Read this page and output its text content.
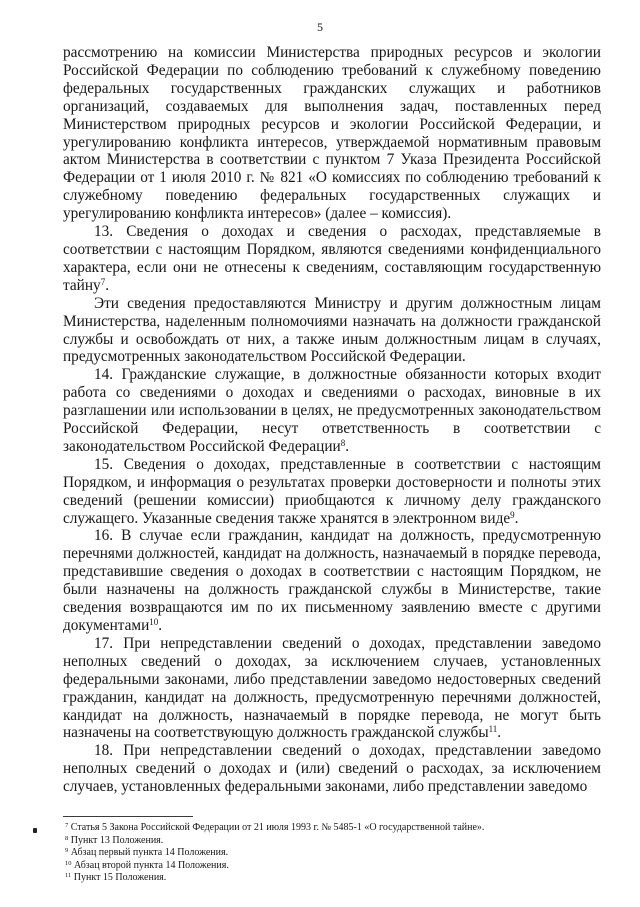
5

рассмотрению на комиссии Министерства природных ресурсов и экологии Российской Федерации по соблюдению требований к служебному поведению федеральных государственных гражданских служащих и работников организаций, создаваемых для выполнения задач, поставленных перед Министерством природных ресурсов и экологии Российской Федерации, и урегулированию конфликта интересов, утверждаемой нормативным правовым актом Министерства в соответствии с пунктом 7 Указа Президента Российской Федерации от 1 июля 2010 г. № 821 «О комиссиях по соблюдению требований к служебному поведению федеральных государственных служащих и урегулированию конфликта интересов» (далее – комиссия).

13. Сведения о доходах и сведения о расходах, представляемые в соответствии с настоящим Порядком, являются сведениями конфиденциального характера, если они не отнесены к сведениям, составляющим государственную тайну$^7$.

Эти сведения предоставляются Министру и другим должностным лицам Министерства, наделенным полномочиями назначать на должности гражданской службы и освобождать от них, а также иным должностным лицам в случаях, предусмотренных законодательством Российской Федерации.

14. Гражданские служащие, в должностные обязанности которых входит работа со сведениями о доходах и сведениями о расходах, виновные в их разглашении или использовании в целях, не предусмотренных законодательством Российской Федерации, несут ответственность в соответствии с законодательством Российской Федерации$^8$.

15. Сведения о доходах, представленные в соответствии с настоящим Порядком, и информация о результатах проверки достоверности и полноты этих сведений (решении комиссии) приобщаются к личному делу гражданского служащего. Указанные сведения также хранятся в электронном виде$^9$.

16. В случае если гражданин, кандидат на должность, предусмотренную перечнями должностей, кандидат на должность, назначаемый в порядке перевода, представившие сведения о доходах в соответствии с настоящим Порядком, не были назначены на должность гражданской службы в Министерстве, такие сведения возвращаются им по их письменному заявлению вместе с другими документами$^{10}$.

17. При непредставлении сведений о доходах, представлении заведомо неполных сведений о доходах, за исключением случаев, установленных федеральными законами, либо представлении заведомо недостоверных сведений гражданин, кандидат на должность, предусмотренную перечнями должностей, кандидат на должность, назначаемый в порядке перевода, не могут быть назначены на соответствующую должность гражданской службы$^{11}$.

18. При непредставлении сведений о доходах, представлении заведомо неполных сведений о доходах и (или) сведений о расходах, за исключением случаев, установленных федеральными законами, либо представлении заведомо

$^7$ Статья 5 Закона Российской Федерации от 21 июля 1993 г. № 5485-1 «О государственной тайне».
$^8$ Пункт 13 Положения.
$^9$ Абзац первый пункта 14 Положения.
$^{10}$ Абзац второй пункта 14 Положения.
$^{11}$ Пункт 15 Положения.
